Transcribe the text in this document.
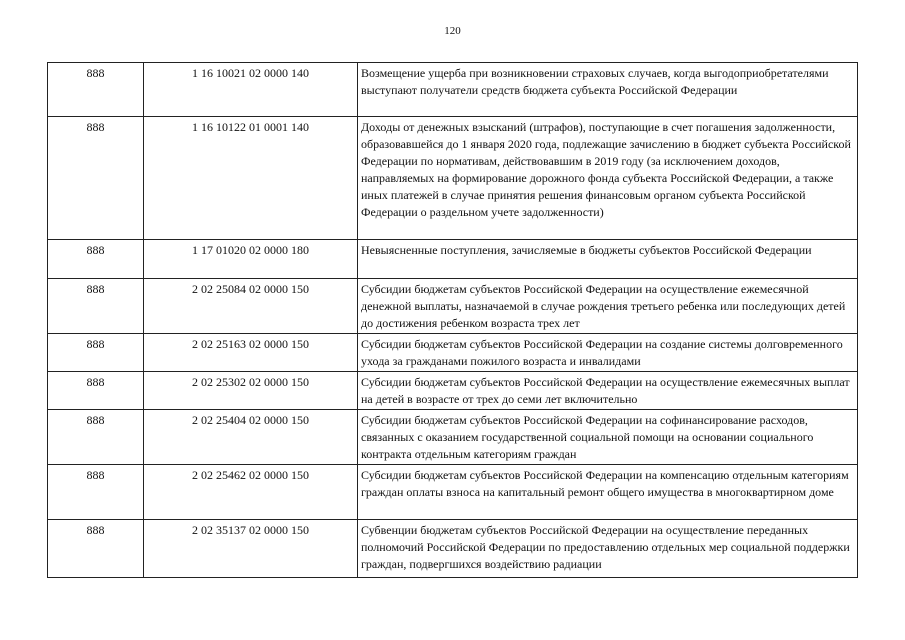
120
888	1 16 10021 02 0000 140	Возмещение ущерба при возникновении страховых случаев, когда выгодоприобретателями выступают получатели средств бюджета субъекта Российской Федерации
888	1 16 10122 01 0001 140	Доходы от денежных взысканий (штрафов), поступающие в счет погашения задолженности, образовавшейся до 1 января 2020 года, подлежащие зачислению в бюджет субъекта Российской Федерации по нормативам, действовавшим в 2019 году (за исключением доходов, направляемых на формирование дорожного фонда субъекта Российской Федерации, а также иных платежей в случае принятия решения финансовым органом субъекта Российской Федерации о раздельном учете задолженности)
888	1 17 01020 02 0000 180	Невыясненные поступления, зачисляемые в бюджеты субъектов Российской Федерации
888	2 02 25084 02 0000 150	Субсидии бюджетам субъектов Российской Федерации на осуществление ежемесячной денежной выплаты, назначаемой в случае рождения третьего ребенка или последующих детей до достижения ребенком возраста трех лет
888	2 02 25163 02 0000 150	Субсидии бюджетам субъектов Российской Федерации на создание системы долговременного ухода за гражданами пожилого возраста и инвалидами
888	2 02 25302 02 0000 150	Субсидии бюджетам субъектов Российской Федерации на осуществление ежемесячных выплат на детей в возрасте от трех до семи лет включительно
888	2 02 25404 02 0000 150	Субсидии бюджетам субъектов Российской Федерации на софинансирование расходов, связанных с оказанием государственной социальной помощи на основании социального контракта отдельным категориям граждан
888	2 02 25462 02 0000 150	Субсидии бюджетам субъектов Российской Федерации на компенсацию отдельным категориям граждан оплаты взноса на капитальный ремонт общего имущества в многоквартирном доме
888	2 02 35137 02 0000 150	Субвенции бюджетам субъектов Российской Федерации на осуществление переданных полномочий Российской Федерации по предоставлению отдельных мер социальной поддержки граждан, подвергшихся воздействию радиации
